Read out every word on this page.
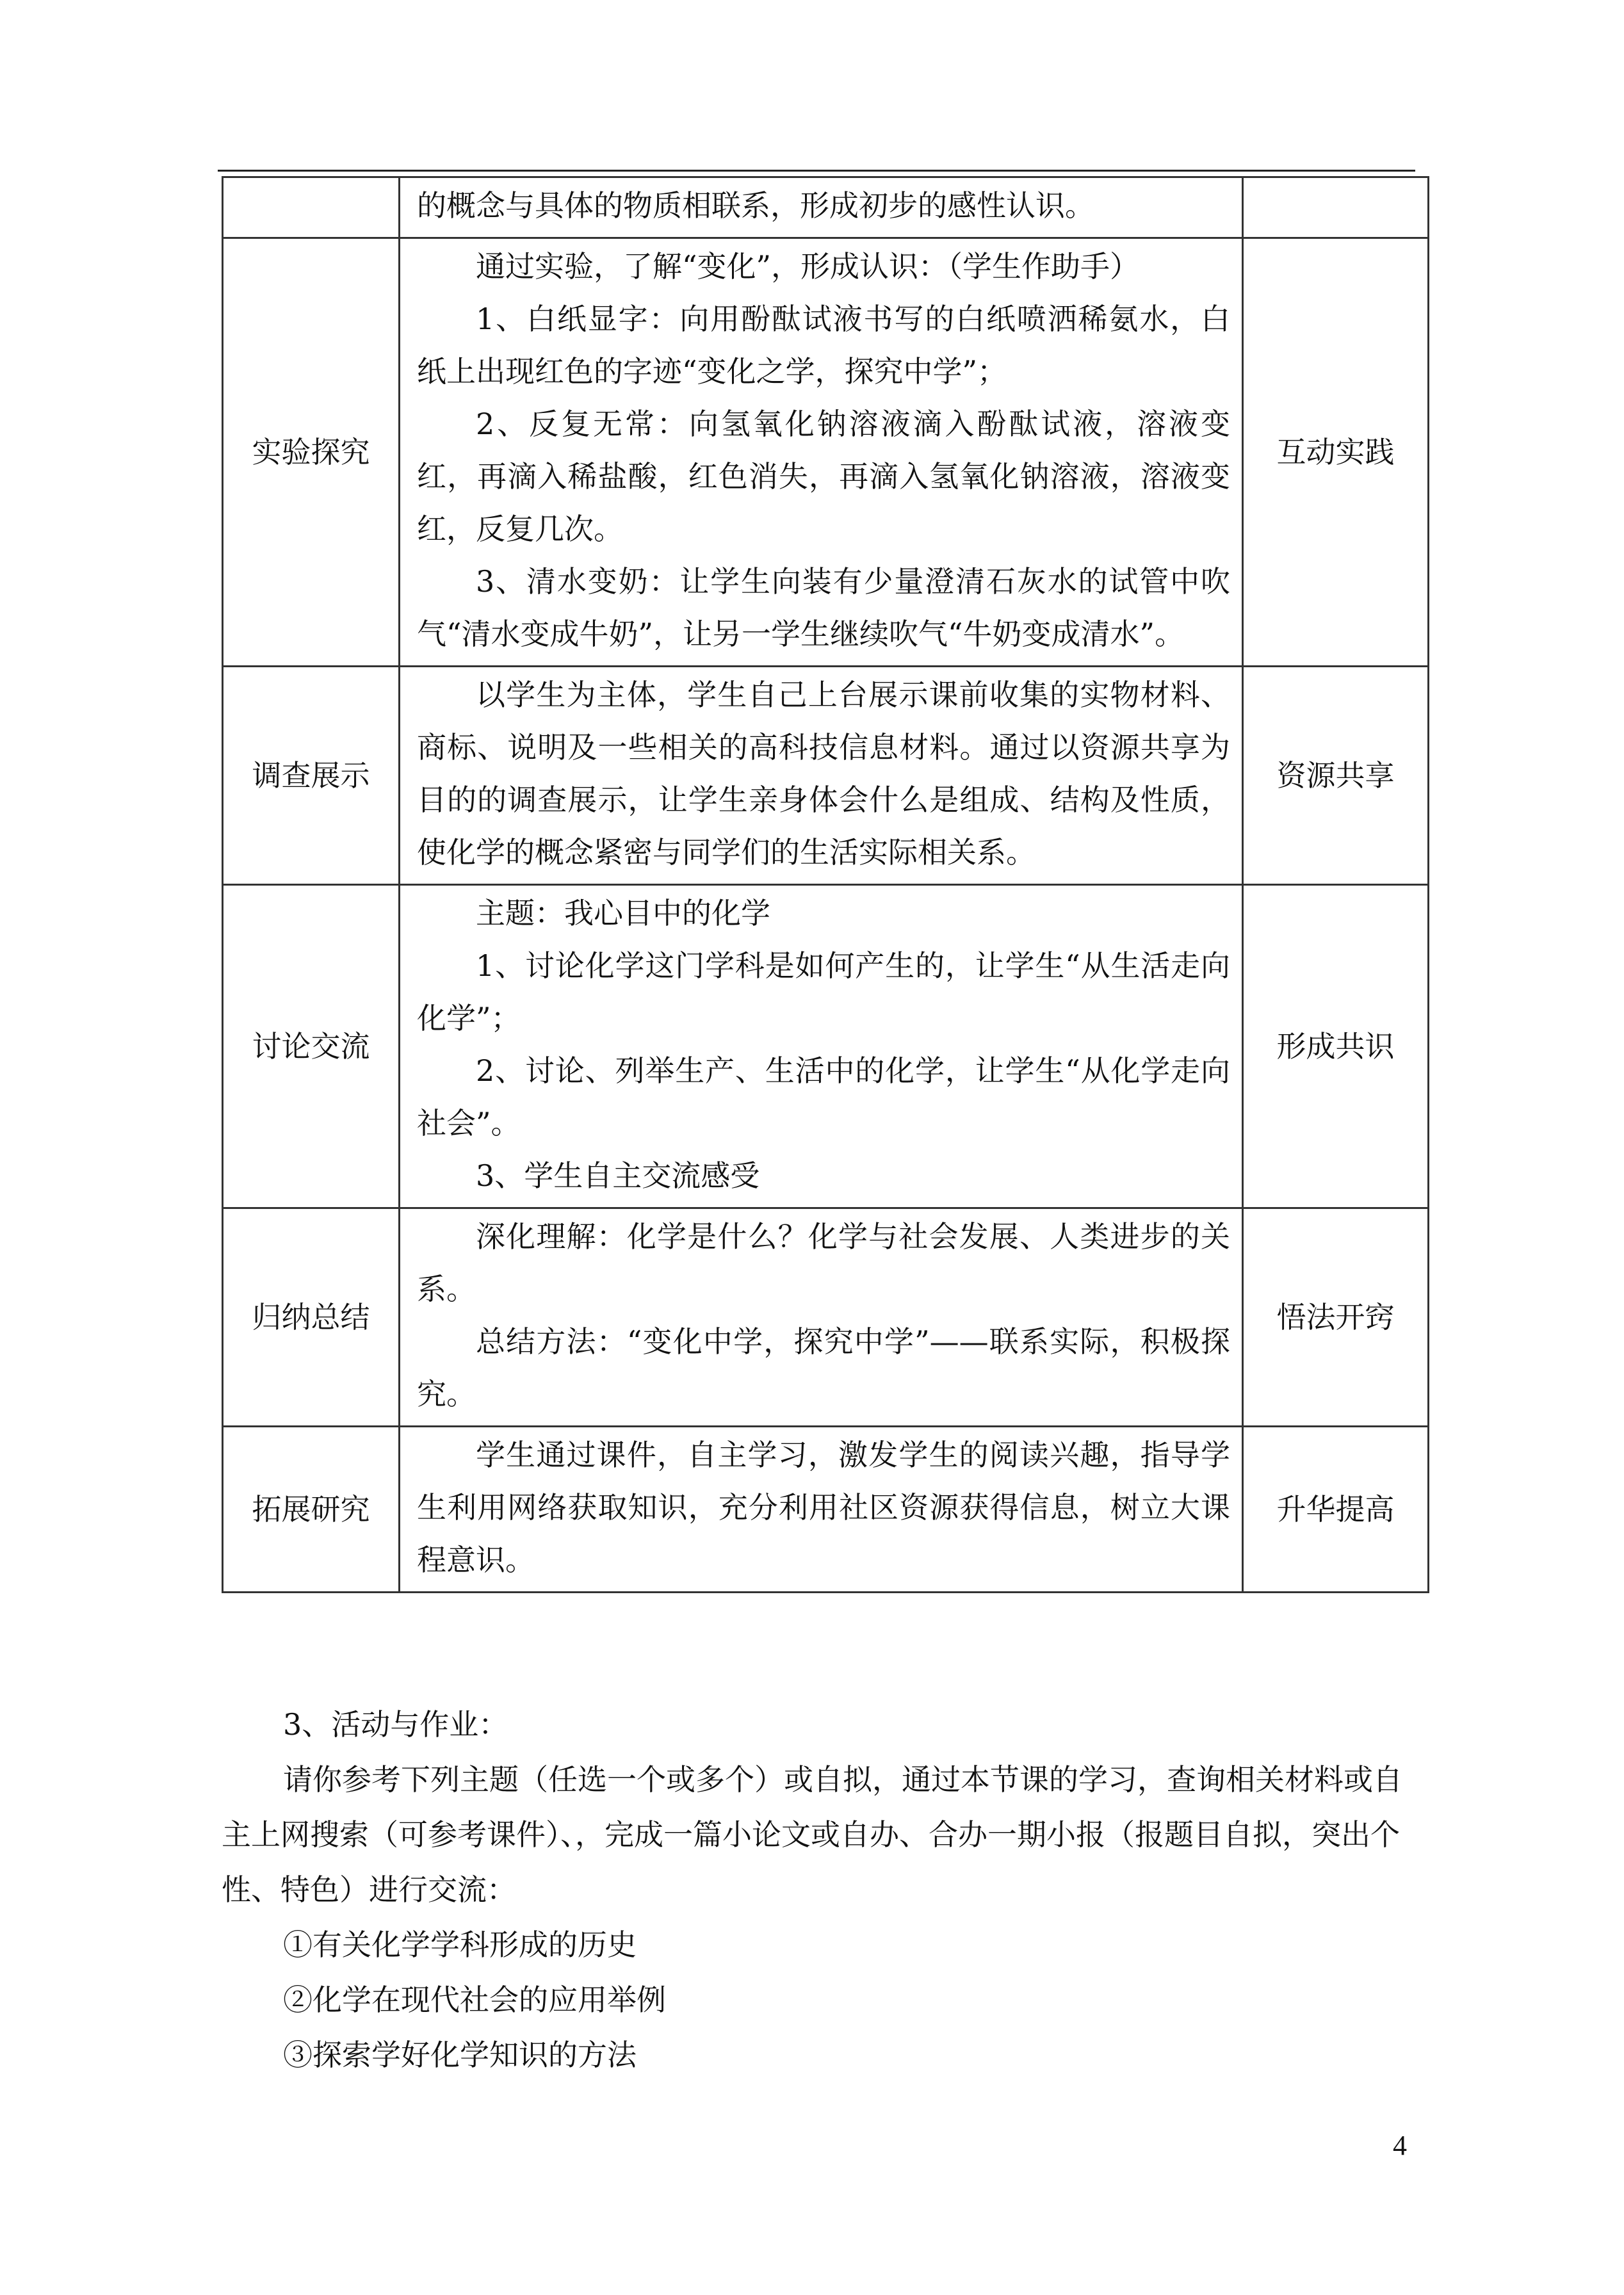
	的概念与具体的物质相联系，形成初步的感性认识。	

实验探究	通过实验，了解“变化”，形成认识：（学生作助手）

1、白纸显字：向用酚酞试液书写的白纸喷洒稀氨水，白纸上出现红色的字迹“变化之学，探究中学”；

2、反复无常：向氢氧化钠溶液滴入酚酞试液，溶液变红，再滴入稀盐酸，红色消失，再滴入氢氧化钠溶液，溶液变红，反复几次。

3、清水变奶：让学生向装有少量澄清石灰水的试管中吹气“清水变成牛奶”，让另一学生继续吹气“牛奶变成清水”。	互动实践
调查展示	以学生为主体，学生自己上台展示课前收集的实物材料、商标、说明及一些相关的高科技信息材料。通过以资源共享为目的的调查展示，让学生亲身体会什么是组成、结构及性质，使化学的概念紧密与同学们的生活实际相关系。	资源共享
讨论交流	主题：我心目中的化学

1、讨论化学这门学科是如何产生的，让学生“从生活走向化学”；

2、讨论、列举生产、生活中的化学，让学生“从化学走向社会”。

3、学生自主交流感受	形成共识
归纳总结	深化理解：化学是什么？化学与社会发展、人类进步的关系。

总结方法：“变化中学，探究中学”——联系实际，积极探究。	悟法开窍
拓展研究	学生通过课件，自主学习，激发学生的阅读兴趣，指导学生利用网络获取知识，充分利用社区资源获得信息，树立大课程意识。	升华提高

3、活动与作业：

请你参考下列主题（任选一个或多个）或自拟，通过本节课的学习，查询相关材料或自主上网搜索（可参考课件）、，完成一篇小论文或自办、合办一期小报（报题目自拟，突出个性、特色）进行交流：

①有关化学学科形成的历史

②化学在现代社会的应用举例

③探索学好化学知识的方法

4
